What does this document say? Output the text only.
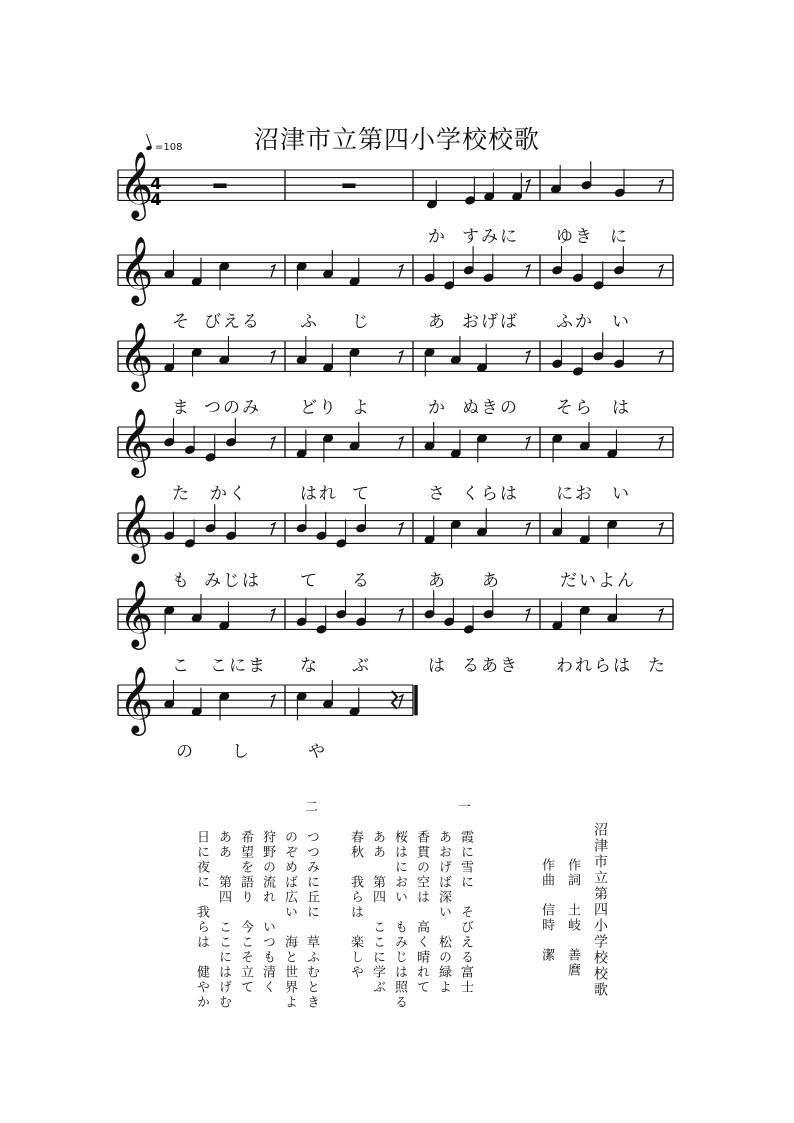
沼津市立第四小学校校歌
=108
𝄞
𝄞
𝄞
𝄞
𝄞
𝄞
𝄞
4
4
か すみに ゆき に
そ びえる ふ じ	あ おげば ふか い
ま つのみ どり よ	か ぬきの そら は
た かく	はれ て	さ くらは にお い
も みじは て る	あ あ	だいよん
こ こにま な ぶ	は るあき われらは た
の し	や
沼津市立第四小学校校歌
作詞　土岐　善麿
作曲　信時　潔
一
霞に雪に　そびえる富士
あおげば深い　松の緑よ
香貫の空は　高く晴れて
桜はにおい　もみじは照る
ああ　第四　ここに学ぶ
春秋　我らは　楽しや
二
つつみに丘に　草ふむとき
のぞめば広い　海と世界よ
狩野の流れ　いつも清く
希望を語り　今こそ立て
ああ　第四　ここにはげむ
日に夜に　我らは　健やか
